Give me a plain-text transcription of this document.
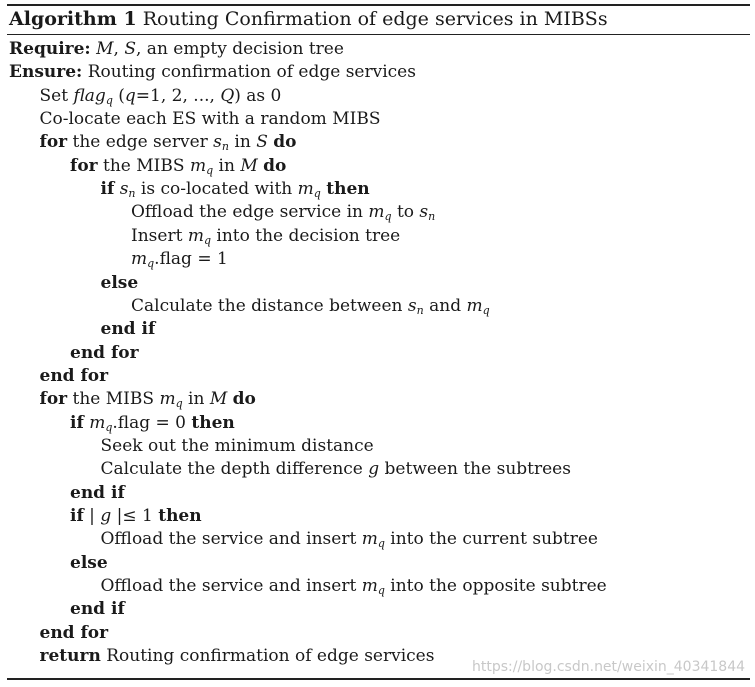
Algorithm 1 Routing Confirmation of edge services in MIBSs
Require: M, S, an empty decision tree
Ensure: Routing confirmation of edge services
Set flag$_q$ (q=1, 2, ..., Q) as 0
Co-locate each ES with a random MIBS
for the edge server $s_n$ in S do
for the MIBS $m_q$ in M do
if $s_n$ is co-located with $m_q$ then
Offload the edge service in $m_q$ to $s_n$
Insert $m_q$ into the decision tree
$m_q.flag = 1$
else
Calculate the distance between $s_n$ and $m_q$
end if
end for
end for
for the MIBS $m_q$ in M do
if $m_q.flag = 0$ then
Seek out the minimum distance
Calculate the depth difference g between the subtrees
end if
if | g |≤ 1 then
Offload the service and insert $m_q$ into the current subtree
else
Offload the service and insert $m_q$ into the opposite subtree
end if
end for
return Routing confirmation of edge services
https://blog.csdn.net/weixin_40341844
